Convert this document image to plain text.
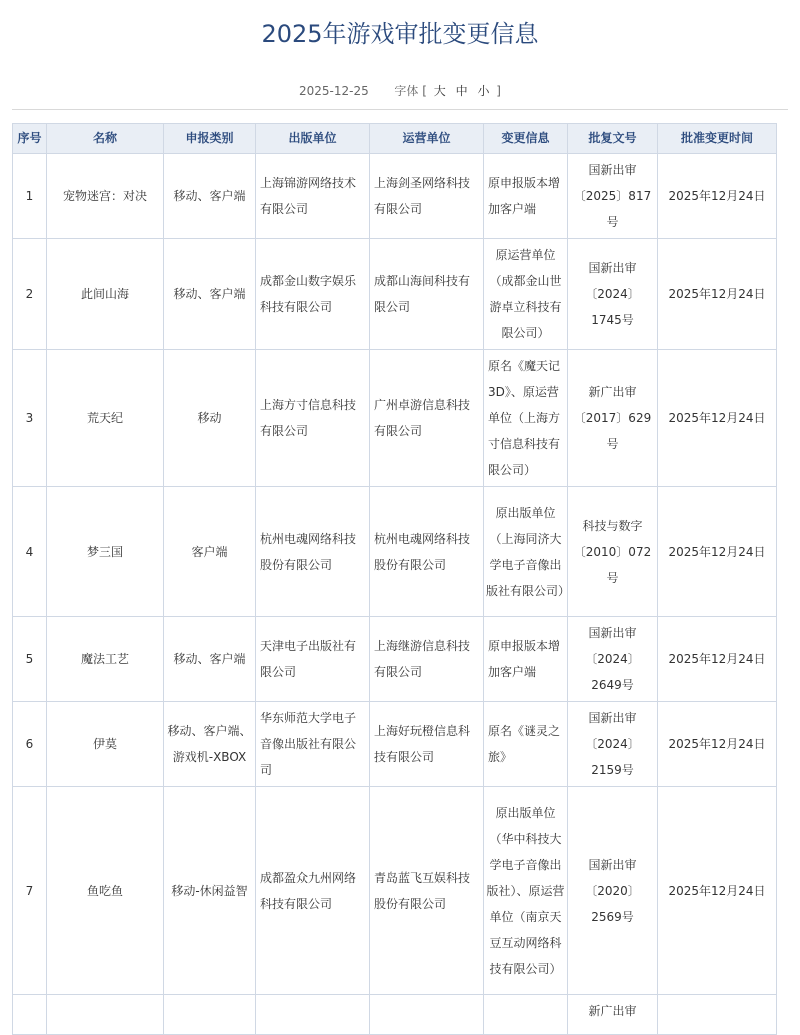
2025年游戏审批变更信息
2025-12-25 字体 [ 大 中 小 ]
序号	名称	申报类别	出版单位	运营单位	变更信息	批复文号	批准变更时间
1	宠物迷宫：对决	移动、客户端	上海锦游网络技术有限公司	上海剑圣网络科技有限公司	原申报版本增加客户端	国新出审〔2025〕817号	2025年12月24日
2	此间山海	移动、客户端	成都金山数字娱乐科技有限公司	成都山海间科技有限公司	原运营单位（成都金山世游卓立科技有限公司）	国新出审〔2024〕1745号	2025年12月24日
3	荒天纪	移动	上海方寸信息科技有限公司	广州卓游信息科技有限公司	原名《魔天记3D》、原运营单位（上海方寸信息科技有限公司）	新广出审〔2017〕629号	2025年12月24日
4	梦三国	客户端	杭州电魂网络科技股份有限公司	杭州电魂网络科技股份有限公司	原出版单位（上海同济大学电子音像出版社有限公司）	科技与数字〔2010〕072号	2025年12月24日
5	魔法工艺	移动、客户端	天津电子出版社有限公司	上海继游信息科技有限公司	原申报版本增加客户端	国新出审〔2024〕2649号	2025年12月24日
6	伊莫	移动、客户端、游戏机-XBOX	华东师范大学电子音像出版社有限公司	上海好玩橙信息科技有限公司	原名《谜灵之旅》	国新出审〔2024〕2159号	2025年12月24日
7	鱼吃鱼	移动-休闲益智	成都盈众九州网络科技有限公司	青岛蓝飞互娱科技股份有限公司	原出版单位（华中科技大学电子音像出版社）、原运营单位（南京天豆互动网络科技有限公司）	国新出审〔2020〕2569号	2025年12月24日
						新广出审	
